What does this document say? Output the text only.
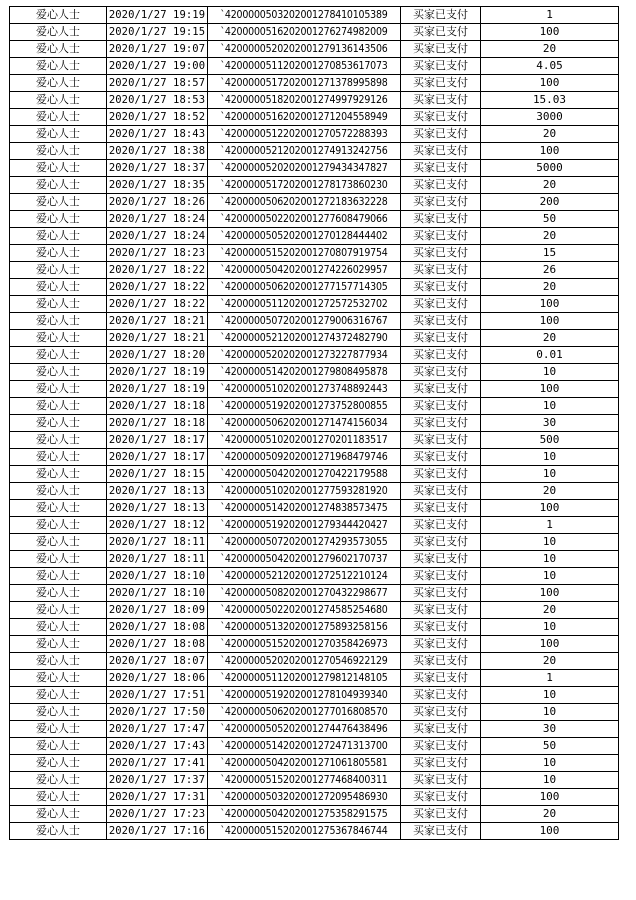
爱心人士	2020/1/27 19:19	`4200000503202001278410105389	买家已支付	1
爱心人士	2020/1/27 19:15	`4200000516202001276274982009	买家已支付	100
爱心人士	2020/1/27 19:07	`4200000520202001279136143506	买家已支付	20
爱心人士	2020/1/27 19:00	`4200000511202001270853617073	买家已支付	4.05
爱心人士	2020/1/27 18:57	`4200000517202001271378995898	买家已支付	100
爱心人士	2020/1/27 18:53	`4200000518202001274997929126	买家已支付	15.03
爱心人士	2020/1/27 18:52	`4200000516202001271204558949	买家已支付	3000
爱心人士	2020/1/27 18:43	`4200000512202001270572288393	买家已支付	20
爱心人士	2020/1/27 18:38	`4200000521202001274913242756	买家已支付	100
爱心人士	2020/1/27 18:37	`4200000520202001279434347827	买家已支付	5000
爱心人士	2020/1/27 18:35	`4200000517202001278173860230	买家已支付	20
爱心人士	2020/1/27 18:26	`4200000506202001272183632228	买家已支付	200
爱心人士	2020/1/27 18:24	`4200000502202001277608479066	买家已支付	50
爱心人士	2020/1/27 18:24	`4200000505202001270128444402	买家已支付	20
爱心人士	2020/1/27 18:23	`4200000515202001270807919754	买家已支付	15
爱心人士	2020/1/27 18:22	`4200000504202001274226029957	买家已支付	26
爱心人士	2020/1/27 18:22	`4200000506202001277157714305	买家已支付	20
爱心人士	2020/1/27 18:22	`4200000511202001272572532702	买家已支付	100
爱心人士	2020/1/27 18:21	`4200000507202001279006316767	买家已支付	100
爱心人士	2020/1/27 18:21	`4200000521202001274372482790	买家已支付	20
爱心人士	2020/1/27 18:20	`4200000520202001273227877934	买家已支付	0.01
爱心人士	2020/1/27 18:19	`4200000514202001279808495878	买家已支付	10
爱心人士	2020/1/27 18:19	`4200000510202001273748892443	买家已支付	100
爱心人士	2020/1/27 18:18	`4200000519202001273752800855	买家已支付	10
爱心人士	2020/1/27 18:18	`4200000506202001271474156034	买家已支付	30
爱心人士	2020/1/27 18:17	`4200000510202001270201183517	买家已支付	500
爱心人士	2020/1/27 18:17	`4200000509202001271968479746	买家已支付	10
爱心人士	2020/1/27 18:15	`4200000504202001270422179588	买家已支付	10
爱心人士	2020/1/27 18:13	`4200000510202001277593281920	买家已支付	20
爱心人士	2020/1/27 18:13	`4200000514202001274838573475	买家已支付	100
爱心人士	2020/1/27 18:12	`4200000519202001279344420427	买家已支付	1
爱心人士	2020/1/27 18:11	`4200000507202001274293573055	买家已支付	10
爱心人士	2020/1/27 18:11	`4200000504202001279602170737	买家已支付	10
爱心人士	2020/1/27 18:10	`4200000521202001272512210124	买家已支付	10
爱心人士	2020/1/27 18:10	`4200000508202001270432298677	买家已支付	100
爱心人士	2020/1/27 18:09	`4200000502202001274585254680	买家已支付	20
爱心人士	2020/1/27 18:08	`4200000513202001275893258156	买家已支付	10
爱心人士	2020/1/27 18:08	`4200000515202001270358426973	买家已支付	100
爱心人士	2020/1/27 18:07	`4200000520202001270546922129	买家已支付	20
爱心人士	2020/1/27 18:06	`4200000511202001279812148105	买家已支付	1
爱心人士	2020/1/27 17:51	`4200000519202001278104939340	买家已支付	10
爱心人士	2020/1/27 17:50	`4200000506202001277016808570	买家已支付	10
爱心人士	2020/1/27 17:47	`4200000505202001274476438496	买家已支付	30
爱心人士	2020/1/27 17:43	`4200000514202001272471313700	买家已支付	50
爱心人士	2020/1/27 17:41	`4200000504202001271061805581	买家已支付	10
爱心人士	2020/1/27 17:37	`4200000515202001277468400311	买家已支付	10
爱心人士	2020/1/27 17:31	`4200000503202001272095486930	买家已支付	100
爱心人士	2020/1/27 17:23	`4200000504202001275358291575	买家已支付	20
爱心人士	2020/1/27 17:16	`4200000515202001275367846744	买家已支付	100
